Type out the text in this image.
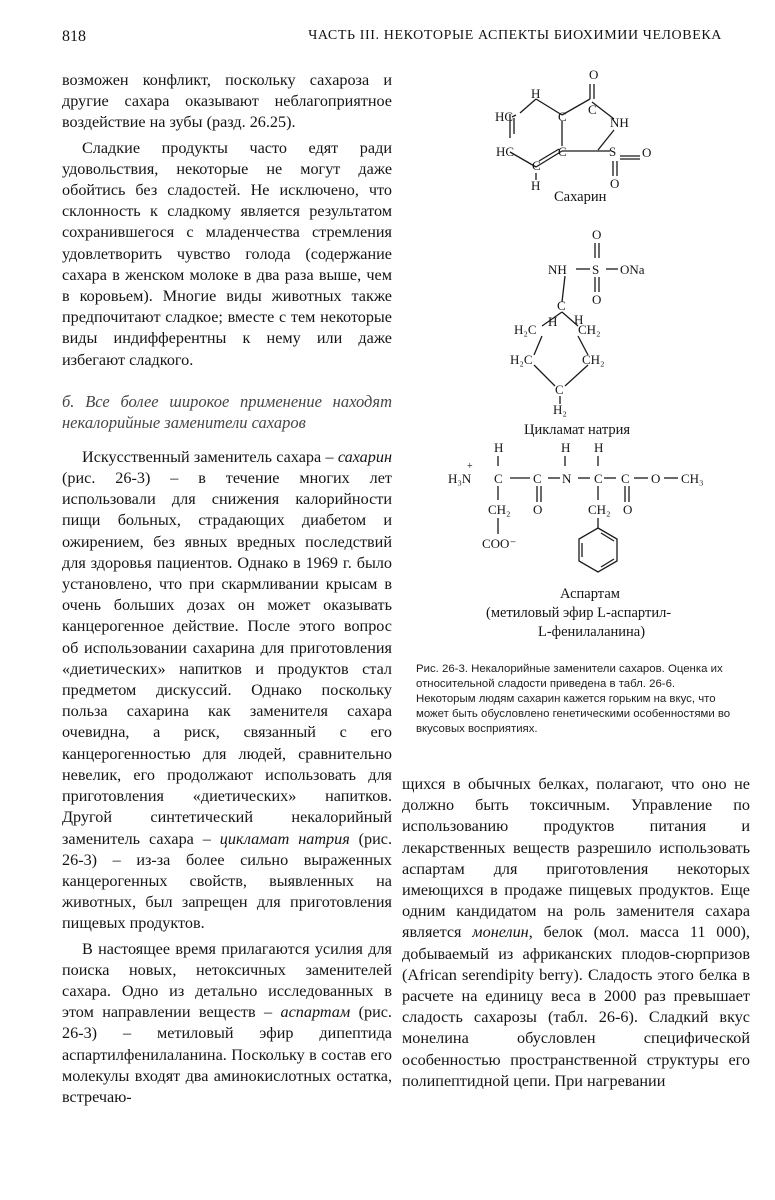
818	ЧАСТЬ III. НЕКОТОРЫЕ АСПЕКТЫ БИОХИМИИ ЧЕЛОВЕКА

возможен конфликт, поскольку сахароза и другие сахара оказывают неблагоприятное воздействие на зубы (разд. 26.25).

Сладкие продукты часто едят ради удовольствия, некоторые не могут даже обойтись без сладостей. Не исключено, что склонность к сладкому является результатом сохранившегося с младенчества стремления удовлетворить чувство голода (содержание сахара в женском молоке в два раза выше, чем в коровьем). Многие виды животных также предпочитают сладкое; вместе с тем некоторые виды индифферентны к нему или даже избегают сладкого.

б. Все более широкое применение находят некалорийные заменители сахаров

Искусственный заменитель сахара – сахарин (рис. 26-3) – в течение многих лет использовали для снижения калорийности пищи больных, страдающих диабетом и ожирением, без явных вредных последствий для здоровья пациентов. Однако в 1969 г. было установлено, что при скармливании крысам в очень больших дозах он может оказывать канцерогенное действие. После этого вопрос об использовании сахарина для приготовления «диетических» напитков и продуктов стал предметом дискуссий. Однако поскольку польза сахарина как заменителя сахара очевидна, а риск, связанный с его канцерогенностью для людей, сравнительно невелик, его продолжают использовать для приготовления «диетических» напитков. Другой синтетический некалорийный заменитель сахара – цикламат натрия (рис. 26-3) – из-за более сильно выраженных канцерогенных свойств, выявленных на животных, был запрещен для приготовления пищевых продуктов.

В настоящее время прилагаются усилия для поиска новых, нетоксичных заменителей сахара. Одно из детально исследованных в этом направлении веществ – аспартам (рис. 26-3) – метиловый эфир дипептида аспартилфенилаланина. Поскольку в состав его молекулы входят два аминокислотных остатка, встречаю-

O
H
C
HC	C	NH
HC	C	S O
O
H
C
Сахарин
O
NH S ONa
O
H
C
H₂C
H
CH₂
H₂C	CH₂
C
H₂
Цикламат натрия
H	H H
H₃N
+
C C N C C O CH₃
CH₂ O	CH₂ O
COO⁻
Аспартам
(метиловый эфир L-аспартил-
L-фенилаланина)
Рис. 26-3. Некалорийные заменители сахаров. Оценка их относительной сладости приведена в табл. 26-6. Некоторым людям сахарин кажется горьким на вкус, что может быть обусловлено генетическими особенностями во вкусовых восприятиях.

щихся в обычных белках, полагают, что оно не должно быть токсичным. Управление по использованию продуктов питания и лекарственных веществ разрешило использовать аспартам для приготовления некоторых имеющихся в продаже пищевых продуктов. Еще одним кандидатом на роль заменителя сахара является монелин, белок (мол. масса 11 000), добываемый из африканских плодов-сюрпризов (African serendipity berry). Сладость этого белка в расчете на единицу веса в 2000 раз превышает сладость сахарозы (табл. 26-6). Сладкий вкус монелина обусловлен специфической особенностью пространственной структуры его полипептидной цепи. При нагревании
